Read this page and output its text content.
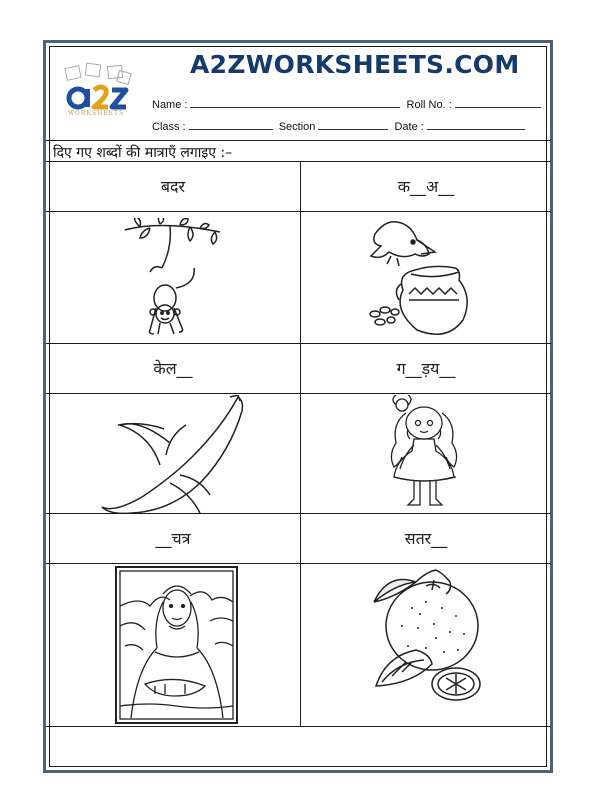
WORKSHEETS
A2ZWORKSHEETS.COM
Name :	Roll No. :
Class :	Section	Date :
दिए गए शब्दों की मात्राएँ लगाइए :–
बदर	क__अ__
केल__	ग__ड़य__
__चत्र	सतर__
